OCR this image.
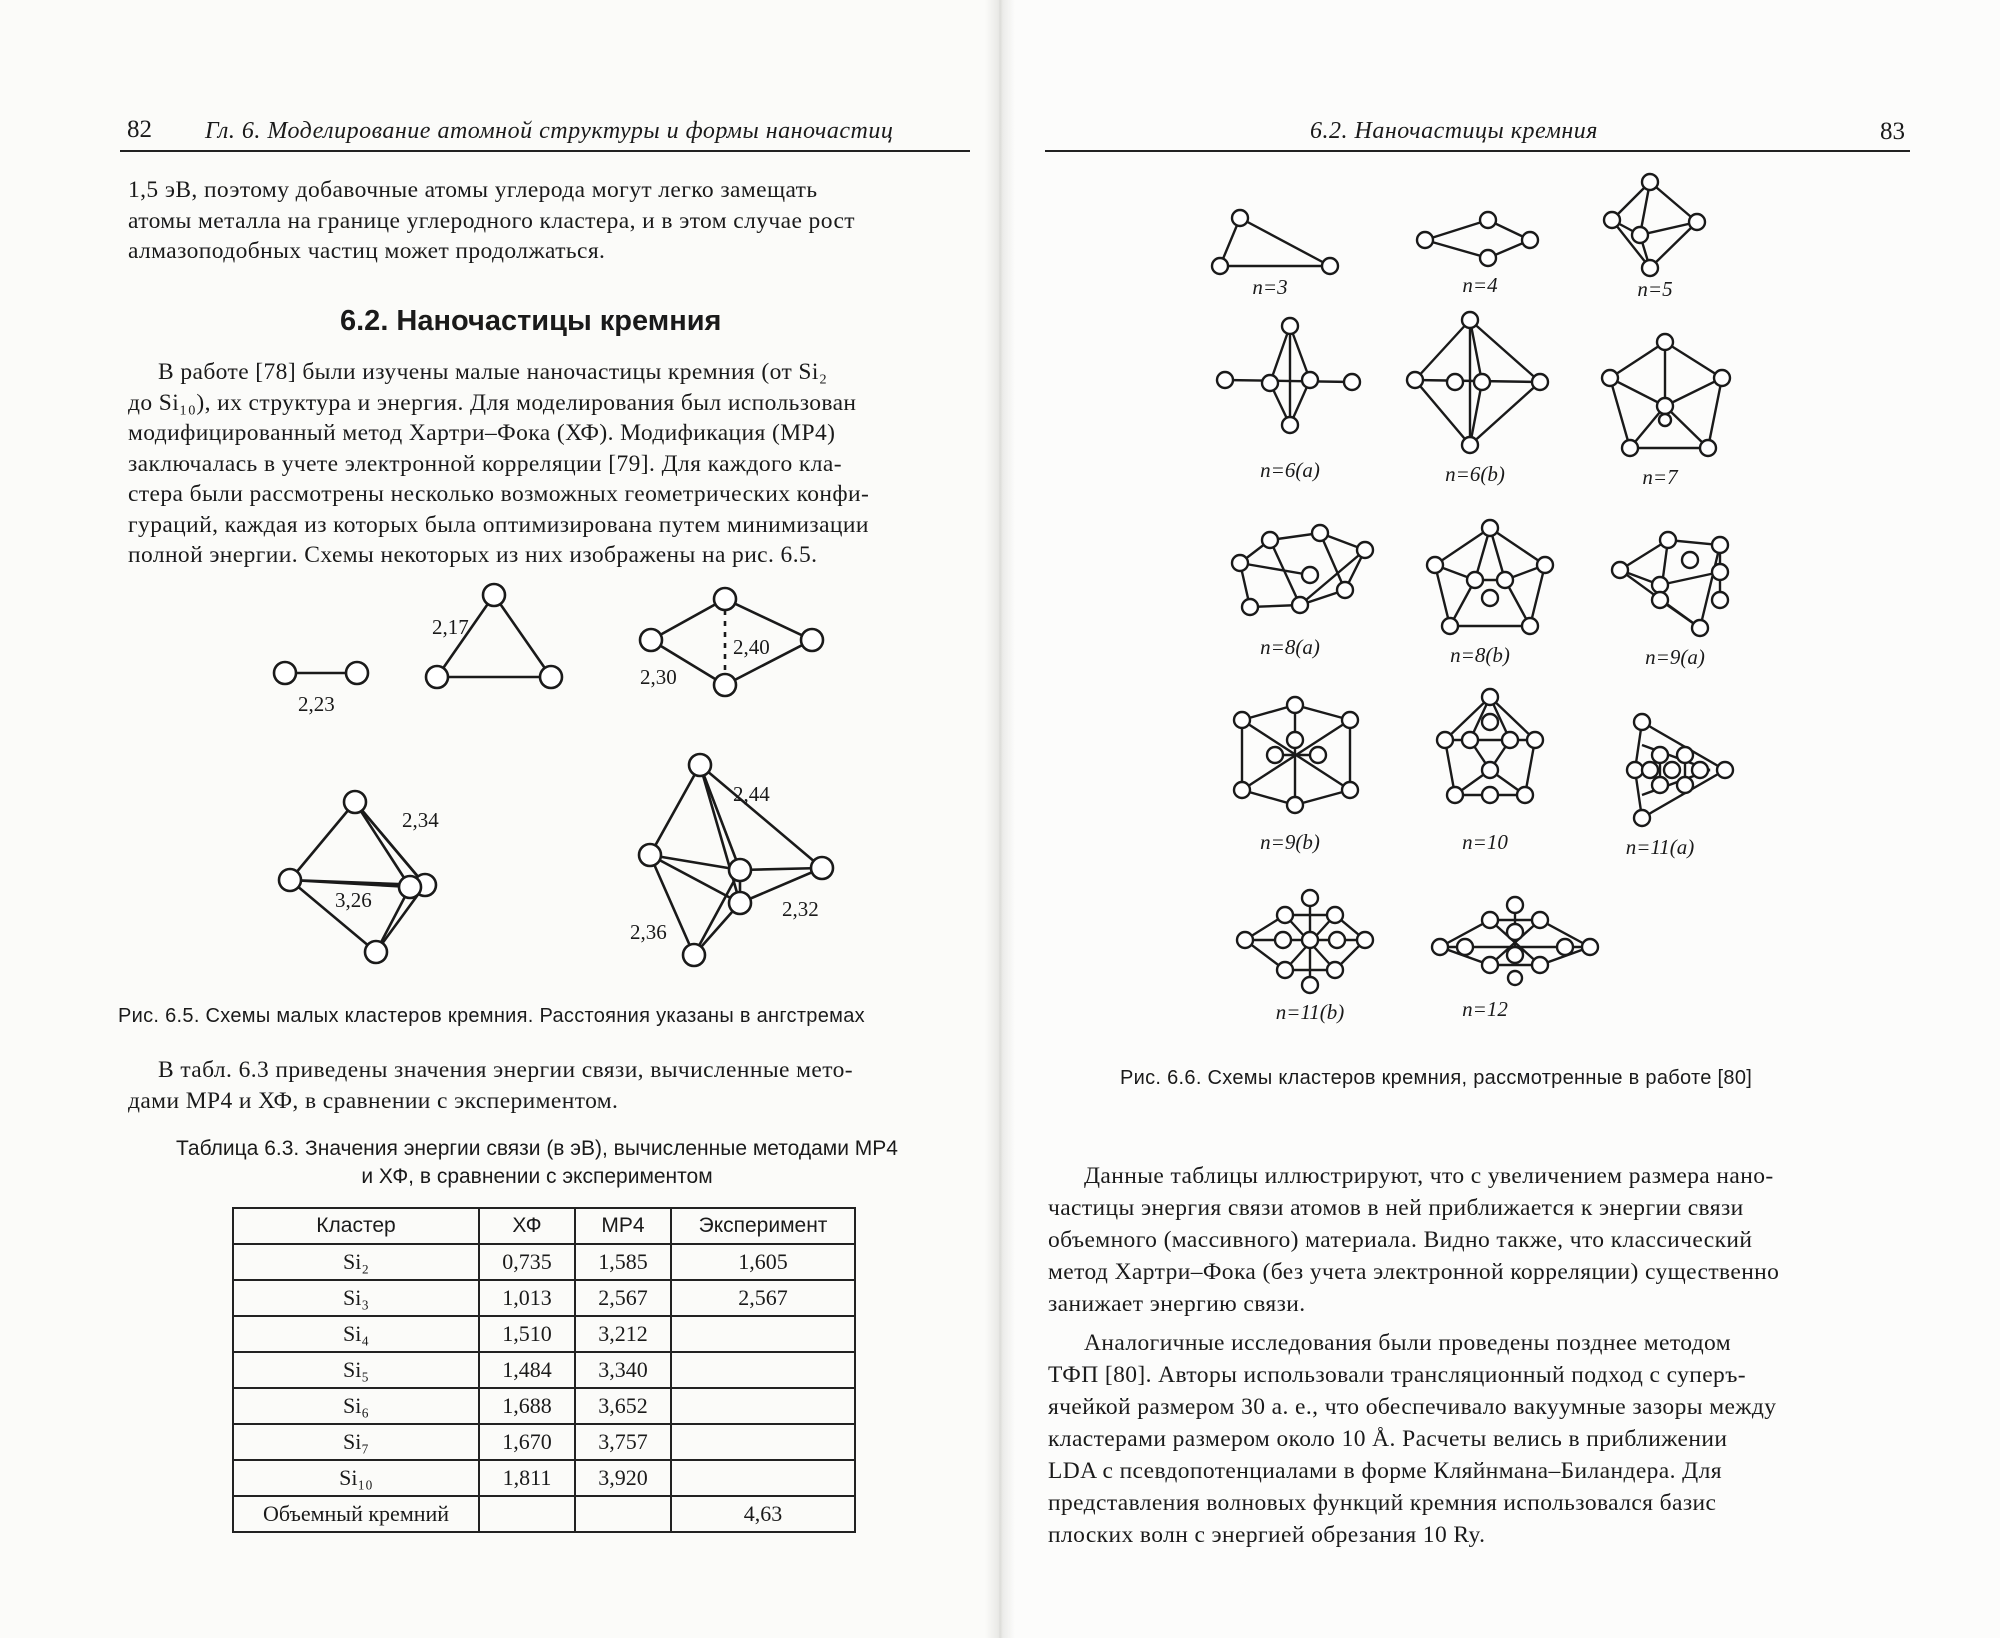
82 Гл. 6. Моделирование атомной структуры и формы наночастиц
1,5 эВ, поэтому добавочные атомы углерода могут легко замещать
атомы металла на границе углеродного кластера, и в этом случае рост
алмазоподобных частиц может продолжаться.
6.2. Наночастицы кремния
В работе [78] были изучены малые наночастицы кремния (от Si₂
до Si₁₀), их структура и энергия. Для моделирования был использован
модифицированный метод Хартри–Фока (ХФ). Модификация (МР4)
заключалась в учете электронной корреляции [79]. Для каждого кла-
стера были рассмотрены несколько возможных геометрических конфи-
гураций, каждая из которых была оптимизирована путем минимизации
полной энергии. Схемы некоторых из них изображены на рис. 6.5.
2,23
2,17
2,40
2,30
2,34
3,26
2,44
2,32
2,36
Рис. 6.5. Схемы малых кластеров кремния. Расстояния указаны в ангстремах
В табл. 6.3 приведены значения энергии связи, вычисленные мето-
дами МР4 и ХФ, в сравнении с экспериментом.
Таблица 6.3. Значения энергии связи (в эВ), вычисленные методами МР4
и ХФ, в сравнении с экспериментом
Кластер	ХФ	МР4	Эксперимент
Si₂	0,735	1,585	1,605
Si₃	1,013	2,567	2,567
Si₄	1,510	3,212	
Si₅	1,484	3,340	
Si₆	1,688	3,652	
Si₇	1,670	3,757	
Si₁₀	1,811	3,920	
Объемный кремний			4,63
6.2. Наночастицы кремния	83
n=3	n=4	n=5
n=6(a)	n=6(b)	n=7
n=8(a)	n=8(b)	n=9(a)
n=9(b)	n=10	n=11(a)
n=11(b)	n=12
Рис. 6.6. Схемы кластеров кремния, рассмотренные в работе [80]
Данные таблицы иллюстрируют, что с увеличением размера нано-
частицы энергия связи атомов в ней приближается к энергии связи
объемного (массивного) материала. Видно также, что классический
метод Хартри–Фока (без учета электронной корреляции) существенно
занижает энергию связи.
Аналогичные исследования были проведены позднее методом
ТФП [80]. Авторы использовали трансляционный подход с суперъ-
ячейкой размером 30 а. е., что обеспечивало вакуумные зазоры между
кластерами размером около 10 Å. Расчеты велись в приближении
LDA с псевдопотенциалами в форме Кляйнмана–Биландера. Для
представления волновых функций кремния использовался базис
плоских волн с энергией обрезания 10 Ry.
